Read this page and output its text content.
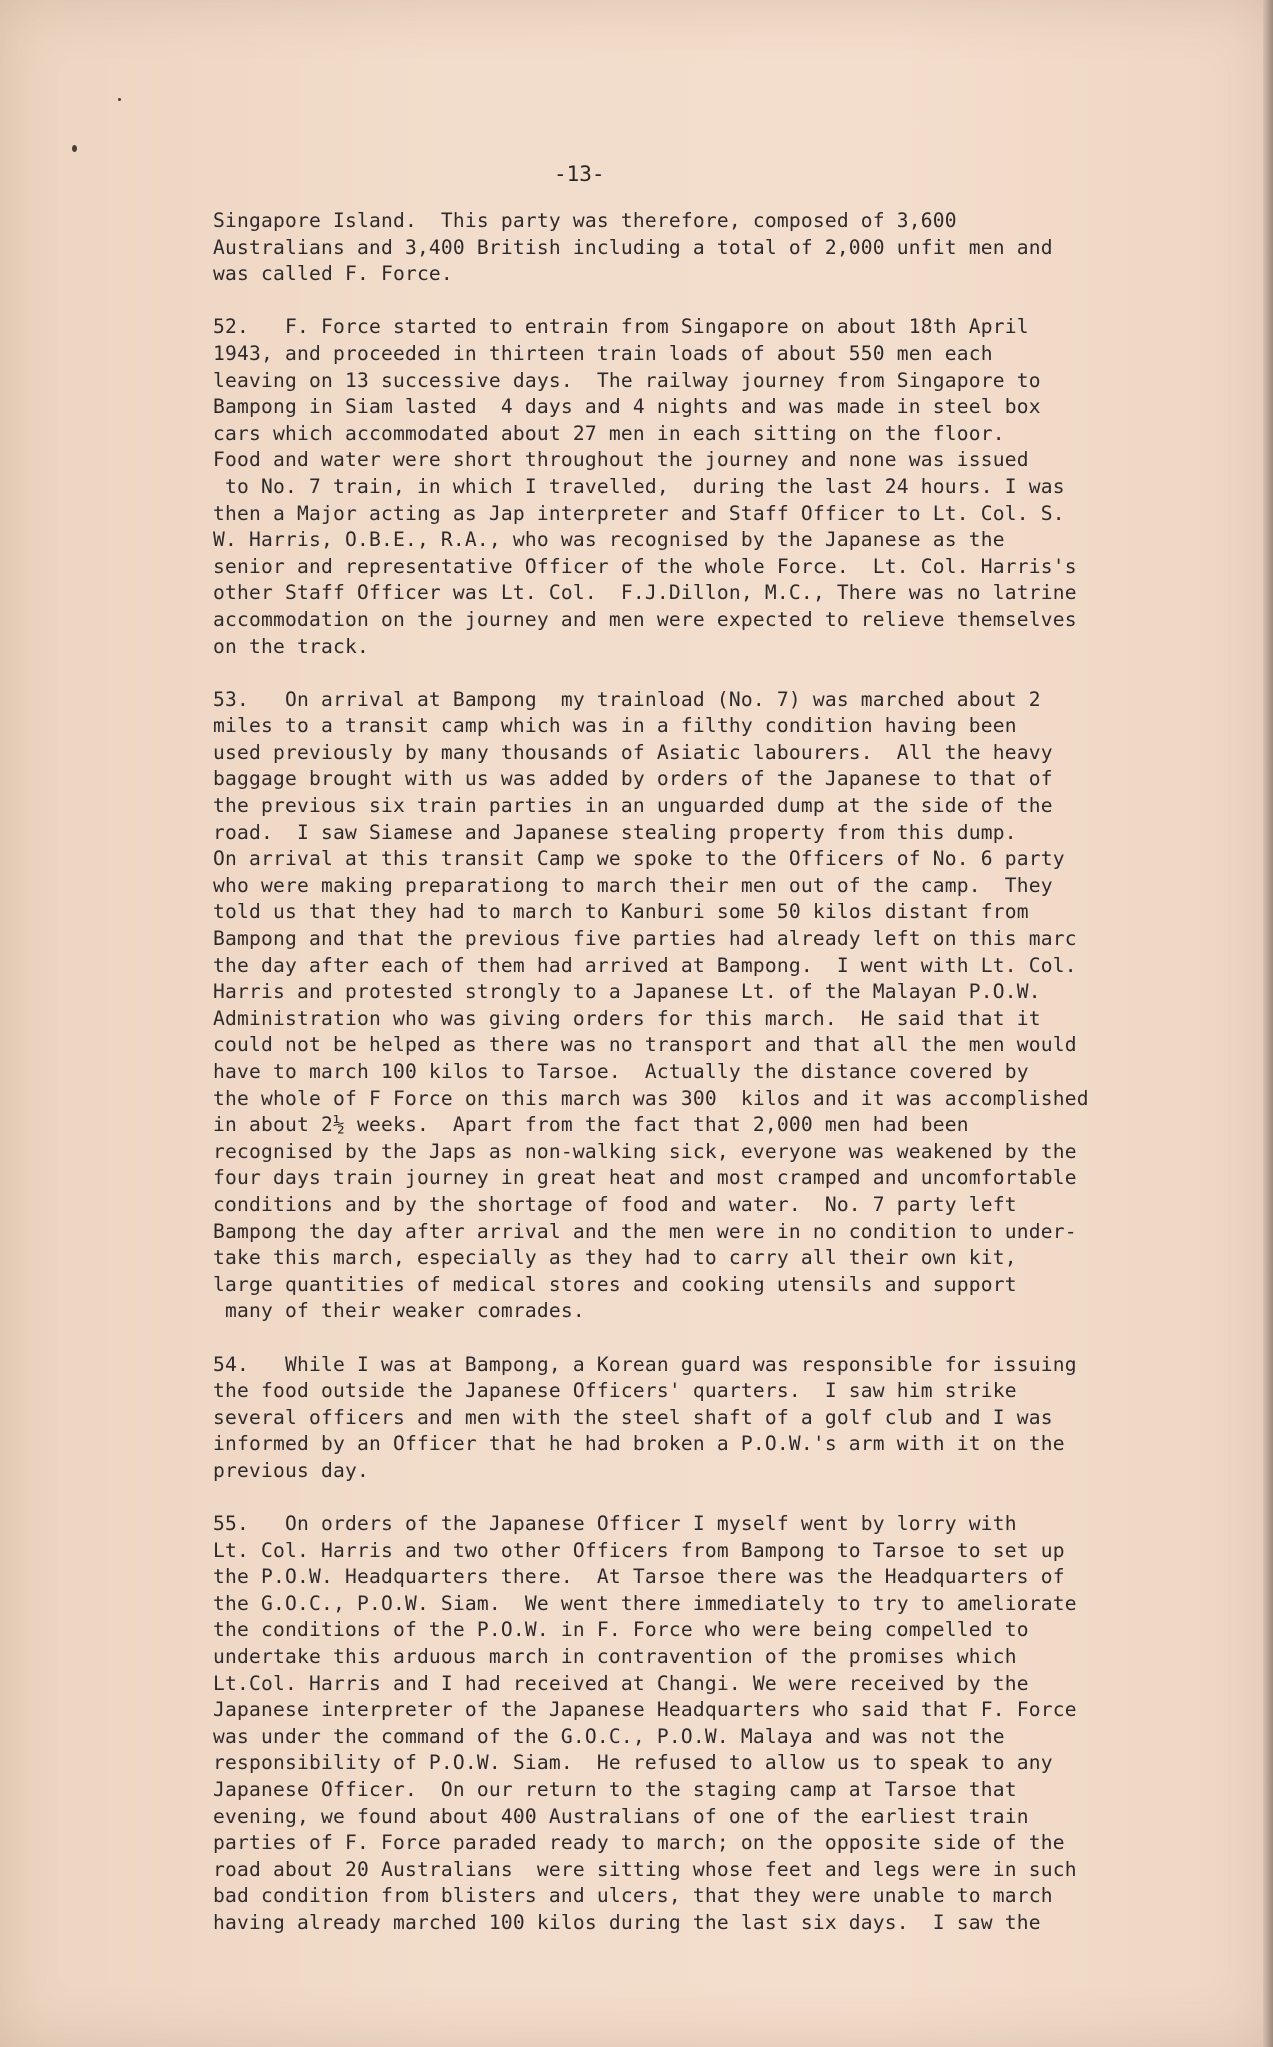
-13-
Singapore Island.  This party was therefore, composed of 3,600
Australians and 3,400 British including a total of 2,000 unfit men and
was called F. Force.
52.   F. Force started to entrain from Singapore on about 18th April
1943, and proceeded in thirteen train loads of about 550 men each
leaving on 13 successive days.  The railway journey from Singapore to
Bampong in Siam lasted  4 days and 4 nights and was made in steel box
cars which accommodated about 27 men in each sitting on the floor.
Food and water were short throughout the journey and none was issued
to No. 7 train, in which I travelled,  during the last 24 hours. I was
then a Major acting as Jap interpreter and Staff Officer to Lt. Col. S.
W. Harris, O.B.E., R.A., who was recognised by the Japanese as the
senior and representative Officer of the whole Force.  Lt. Col. Harris's
other Staff Officer was Lt. Col.  F.J.Dillon, M.C., There was no latrine
accommodation on the journey and men were expected to relieve themselves
on the track.
53.   On arrival at Bampong  my trainload (No. 7) was marched about 2
miles to a transit camp which was in a filthy condition having been
used previously by many thousands of Asiatic labourers.  All the heavy
baggage brought with us was added by orders of the Japanese to that of
the previous six train parties in an unguarded dump at the side of the
road.  I saw Siamese and Japanese stealing property from this dump.
On arrival at this transit Camp we spoke to the Officers of No. 6 party
who were making preparationg to march their men out of the camp.  They
told us that they had to march to Kanburi some 50 kilos distant from
Bampong and that the previous five parties had already left on this marc
the day after each of them had arrived at Bampong.  I went with Lt. Col.
Harris and protested strongly to a Japanese Lt. of the Malayan P.O.W.
Administration who was giving orders for this march.  He said that it
could not be helped as there was no transport and that all the men would
have to march 100 kilos to Tarsoe.  Actually the distance covered by
the whole of F Force on this march was 300  kilos and it was accomplished
in about 2½ weeks.  Apart from the fact that 2,000 men had been
recognised by the Japs as non-walking sick, everyone was weakened by the
four days train journey in great heat and most cramped and uncomfortable
conditions and by the shortage of food and water.  No. 7 party left
Bampong the day after arrival and the men were in no condition to under-
take this march, especially as they had to carry all their own kit,
large quantities of medical stores and cooking utensils and support
many of their weaker comrades.
54.   While I was at Bampong, a Korean guard was responsible for issuing
the food outside the Japanese Officers' quarters.  I saw him strike
several officers and men with the steel shaft of a golf club and I was
informed by an Officer that he had broken a P.O.W.'s arm with it on the
previous day.
55.   On orders of the Japanese Officer I myself went by lorry with
Lt. Col. Harris and two other Officers from Bampong to Tarsoe to set up
the P.O.W. Headquarters there.  At Tarsoe there was the Headquarters of
the G.O.C., P.O.W. Siam.  We went there immediately to try to ameliorate
the conditions of the P.O.W. in F. Force who were being compelled to
undertake this arduous march in contravention of the promises which
Lt.Col. Harris and I had received at Changi. We were received by the
Japanese interpreter of the Japanese Headquarters who said that F. Force
was under the command of the G.O.C., P.O.W. Malaya and was not the
responsibility of P.O.W. Siam.  He refused to allow us to speak to any
Japanese Officer.  On our return to the staging camp at Tarsoe that
evening, we found about 400 Australians of one of the earliest train
parties of F. Force paraded ready to march; on the opposite side of the
road about 20 Australians  were sitting whose feet and legs were in such
bad condition from blisters and ulcers, that they were unable to march
having already marched 100 kilos during the last six days.  I saw the
